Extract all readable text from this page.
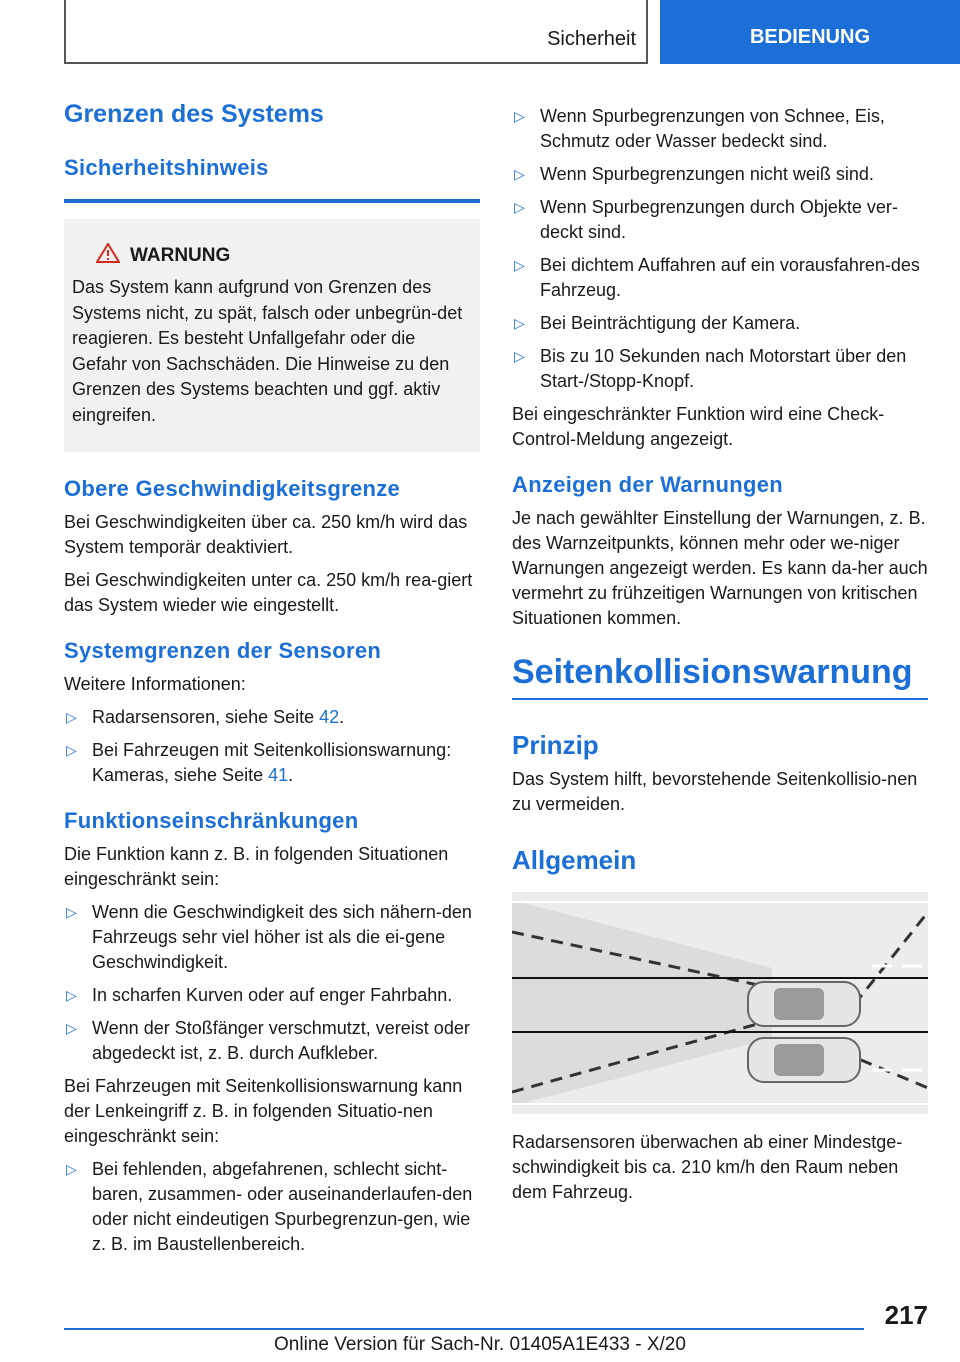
Sicherheit	BEDIENUNG
Grenzen des Systems
Sicherheitshinweis
WARNUNG

Das System kann aufgrund von Grenzen des Systems nicht, zu spät, falsch oder unbegrün-det reagieren. Es besteht Unfallgefahr oder die Gefahr von Sachschäden. Die Hinweise zu den Grenzen des Systems beachten und ggf. aktiv eingreifen.

Obere Geschwindigkeitsgrenze

Bei Geschwindigkeiten über ca. 250 km/h wird das System temporär deaktiviert.

Bei Geschwindigkeiten unter ca. 250 km/h rea-giert das System wieder wie eingestellt.

Systemgrenzen der Sensoren

Weitere Informationen:

▷ Radarsensoren, siehe Seite 42.
▷ Bei Fahrzeugen mit Seitenkollisionswarnung: Kameras, siehe Seite 41.
Funktionseinschränkungen

Die Funktion kann z. B. in folgenden Situationen eingeschränkt sein:

▷ Wenn die Geschwindigkeit des sich nähern-den Fahrzeugs sehr viel höher ist als die ei-gene Geschwindigkeit.
▷ In scharfen Kurven oder auf enger Fahrbahn.
▷ Wenn der Stoßfänger verschmutzt, vereist oder abgedeckt ist, z. B. durch Aufkleber.

Bei Fahrzeugen mit Seitenkollisionswarnung kann der Lenkeingriff z. B. in folgenden Situatio-nen eingeschränkt sein:

▷ Bei fehlenden, abgefahrenen, schlecht sicht-baren, zusammen- oder auseinanderlaufen-den oder nicht eindeutigen Spurbegrenzun-gen, wie z. B. im Baustellenbereich.
▷ Wenn Spurbegrenzungen von Schnee, Eis, Schmutz oder Wasser bedeckt sind.
▷ Wenn Spurbegrenzungen nicht weiß sind.
▷ Wenn Spurbegrenzungen durch Objekte ver-deckt sind.
▷ Bei dichtem Auffahren auf ein vorausfahren-des Fahrzeug.
▷ Bei Beinträchtigung der Kamera.
▷ Bis zu 10 Sekunden nach Motorstart über den Start-/Stopp-Knopf.

Bei eingeschränkter Funktion wird eine Check-Control-Meldung angezeigt.

Anzeigen der Warnungen

Je nach gewählter Einstellung der Warnungen, z. B. des Warnzeitpunkts, können mehr oder we-niger Warnungen angezeigt werden. Es kann da-her auch vermehrt zu frühzeitigen Warnungen von kritischen Situationen kommen.

Seitenkollisionswarnung
Prinzip

Das System hilft, bevorstehende Seitenkollisio-nen zu vermeiden.

Allgemein

Radarsensoren überwachen ab einer Mindestge-schwindigkeit bis ca. 210 km/h den Raum neben dem Fahrzeug.

217
Online Version für Sach-Nr. 01405A1E433 - X/20
